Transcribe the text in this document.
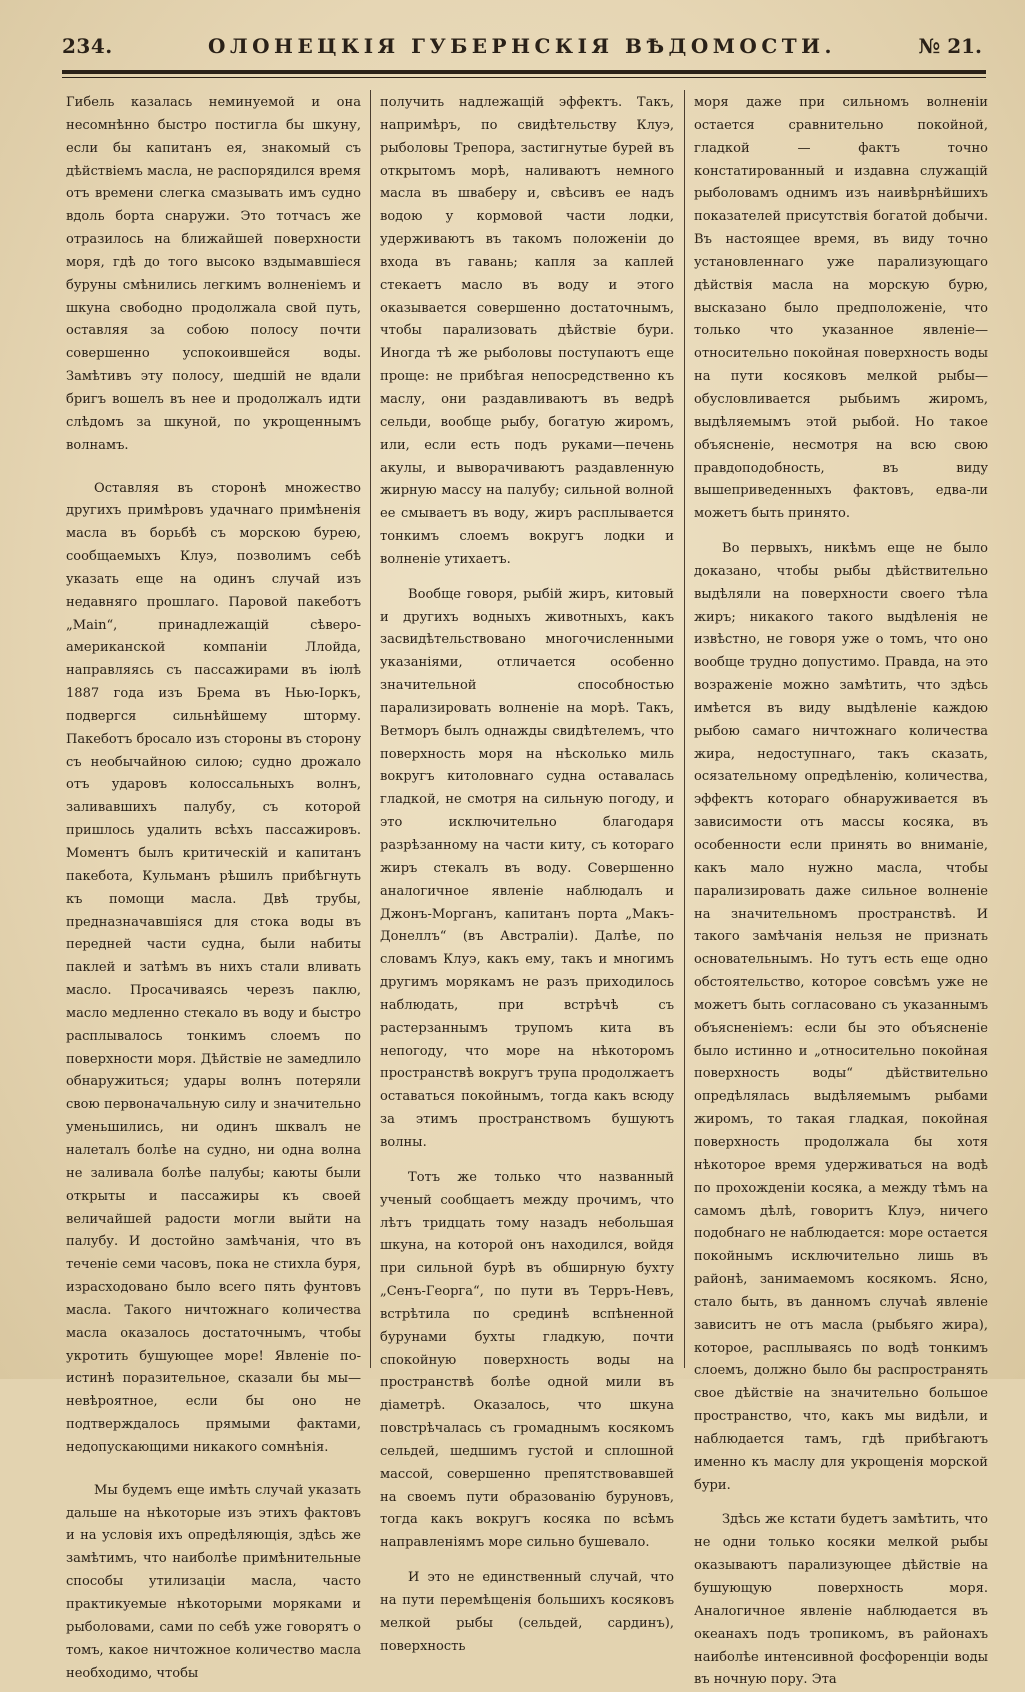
234.	ОЛОНЕЦКІЯ ГУБЕРНСКІЯ ВѢДОМОСТИ.	№ 21.

Гибель казалась неминуемой и она несомнѣнно быстро постигла бы шкуну, если бы капитанъ ея, знакомый съ дѣйствіемъ масла, не распорядился время отъ времени слегка смазывать имъ судно вдоль борта снаружи. Это тотчасъ же отразилось на ближайшей поверхности моря, гдѣ до того высоко вздымавшіеся буруны смѣнились легкимъ волненіемъ и шкуна свободно продолжала свой путь, оставляя за собою полосу почти совершенно успокоившейся воды. Замѣтивъ эту полосу, шедшій не вдали бригъ вошелъ въ нее и продолжалъ идти слѣдомъ за шкуной, по укрощеннымъ волнамъ.

Оставляя въ сторонѣ множество другихъ примѣровъ удачнаго примѣненія масла въ борьбѣ съ морскою бурею, сообщаемыхъ Клуэ, позволимъ себѣ указать еще на одинъ случай изъ недавняго прошлаго. Паровой пакеботъ „Main“, принадлежащій сѣверо-американской компаніи Ллойда, направляясь съ пассажирами въ іюлѣ 1887 года изъ Брема въ Нью-Іоркъ, подвергся сильнѣйшему шторму. Пакеботъ бросало изъ стороны въ сторону съ необычайною силою; судно дрожало отъ ударовъ колоссальныхъ волнъ, заливавшихъ палубу, съ которой пришлось удалить всѣхъ пассажировъ. Моментъ былъ критическій и капитанъ пакебота, Кульманъ рѣшилъ прибѣгнуть къ помощи масла. Двѣ трубы, предназначавшіяся для стока воды въ передней части судна, были набиты паклей и затѣмъ въ нихъ стали вливать масло. Просачиваясь черезъ паклю, масло медленно стекало въ воду и быстро расплывалось тонкимъ слоемъ по поверхности моря. Дѣйствіе не замедлило обнаружиться; удары волнъ потеряли свою первоначальную силу и значительно уменьшились, ни одинъ шквалъ не налеталъ болѣе на судно, ни одна волна не заливала болѣе палубы; каюты были открыты и пассажиры къ своей величайшей радости могли выйти на палубу. И достойно замѣчанія, что въ теченіе семи часовъ, пока не стихла буря, израсходовано было всего пять фунтовъ масла. Такого ничтожнаго количества масла оказалось достаточнымъ, чтобы укротить бушующее море! Явленіе по-истинѣ поразительное, сказали бы мы—невѣроятное, если бы оно не подтверждалось прямыми фактами, недопускающими никакого сомнѣнія.

Мы будемъ еще имѣть случай указать дальше на нѣкоторые изъ этихъ фактовъ и на условія ихъ опредѣляющія, здѣсь же замѣтимъ, что наиболѣе примѣнительные способы утилизаціи масла, часто практикуемые нѣкоторыми моряками и рыболовами, сами по себѣ уже говорятъ о томъ, какое ничтожное количество масла необходимо, чтобы

получить надлежащій эффектъ. Такъ, напримѣръ, по свидѣтельству Клуэ, рыболовы Трепора, застигнутые бурей въ открытомъ морѣ, наливаютъ немного масла въ шваберу и, свѣсивъ ее надъ водою у кормовой части лодки, удерживаютъ въ такомъ положеніи до входа въ гавань; капля за каплей стекаетъ масло въ воду и этого оказывается совершенно достаточнымъ, чтобы парализовать дѣйствіе бури. Иногда тѣ же рыболовы поступаютъ еще проще: не прибѣгая непосредственно къ маслу, они раздавливаютъ въ ведрѣ сельди, вообще рыбу, богатую жиромъ, или, если есть подъ руками—печень акулы, и выворачиваютъ раздавленную жирную массу на палубу; сильной волной ее смываетъ въ воду, жиръ расплывается тонкимъ слоемъ вокругъ лодки и волненіе утихаетъ.

Вообще говоря, рыбій жиръ, китовый и другихъ водныхъ животныхъ, какъ засвидѣтельствовано многочисленными указаніями, отличается особенно значительной способностью парализировать волненіе на морѣ. Такъ, Ветморъ былъ однажды свидѣтелемъ, что поверхность моря на нѣсколько миль вокругъ китоловнаго судна оставалась гладкой, не смотря на сильную погоду, и это исключительно благодаря разрѣзанному на части киту, съ котораго жиръ стекалъ въ воду. Совершенно аналогичное явленіе наблюдалъ и Джонъ-Морганъ, капитанъ порта „Макъ-Донеллъ“ (въ Австраліи). Далѣе, по словамъ Клуэ, какъ ему, такъ и многимъ другимъ морякамъ не разъ приходилось наблюдать, при встрѣчѣ съ растерзаннымъ трупомъ кита въ непогоду, что море на нѣкоторомъ пространствѣ вокругъ трупа продолжаетъ оставаться покойнымъ, тогда какъ всюду за этимъ пространствомъ бушуютъ волны.

Тотъ же только что названный ученый сообщаетъ между прочимъ, что лѣтъ тридцать тому назадъ небольшая шкуна, на которой онъ находился, войдя при сильной бурѣ въ обширную бухту „Сенъ-Георга“, по пути въ Терръ-Невъ, встрѣтила по срединѣ вспѣненной бурунами бухты гладкую, почти спокойную поверхность воды на пространствѣ болѣе одной мили въ діаметрѣ. Оказалось, что шкуна повстрѣчалась съ громаднымъ косякомъ сельдей, шедшимъ густой и сплошной массой, совершенно препятствовавшей на своемъ пути образованію буруновъ, тогда какъ вокругъ косяка по всѣмъ направленіямъ море сильно бушевало.

И это не единственный случай, что на пути перемѣщенія большихъ косяковъ мелкой рыбы (сельдей, сардинъ), поверхность

моря даже при сильномъ волненіи остается сравнительно покойной, гладкой — фактъ точно констатированный и издавна служащій рыболовамъ однимъ изъ наивѣрнѣйшихъ показателей присутствія богатой добычи. Въ настоящее время, въ виду точно установленнаго уже парализующаго дѣйствія масла на морскую бурю, высказано было предположеніе, что только что указанное явленіе—относительно покойная поверхность воды на пути косяковъ мелкой рыбы—обусловливается рыбьимъ жиромъ, выдѣляемымъ этой рыбой. Но такое объясненіе, несмотря на всю свою правдоподобность, въ виду вышеприведенныхъ фактовъ, едва-ли можетъ быть принято.

Во первыхъ, никѣмъ еще не было доказано, чтобы рыбы дѣйствительно выдѣляли на поверхности своего тѣла жиръ; никакого такого выдѣленія не извѣстно, не говоря уже о томъ, что оно вообще трудно допустимо. Правда, на это возраженіе можно замѣтить, что здѣсь имѣется въ виду выдѣленіе каждою рыбою самаго ничтожнаго количества жира, недоступнаго, такъ сказать, осязательному опредѣленію, количества, эффектъ котораго обнаруживается въ зависимости отъ массы косяка, въ особенности если принять во вниманіе, какъ мало нужно масла, чтобы парализировать даже сильное волненіе на значительномъ пространствѣ. И такого замѣчанія нельзя не признать основательнымъ. Но тутъ есть еще одно обстоятельство, которое совсѣмъ уже не можетъ быть согласовано съ указаннымъ объясненіемъ: если бы это объясненіе было истинно и „относительно покойная поверхность воды“ дѣйствительно опредѣлялась выдѣляемымъ рыбами жиромъ, то такая гладкая, покойная поверхность продолжала бы хотя нѣкоторое время удерживаться на водѣ по прохожденіи косяка, а между тѣмъ на самомъ дѣлѣ, говоритъ Клуэ, ничего подобнаго не наблюдается: море остается покойнымъ исключительно лишь въ районѣ, занимаемомъ косякомъ. Ясно, стало быть, въ данномъ случаѣ явленіе зависитъ не отъ масла (рыбьяго жира), которое, расплываясь по водѣ тонкимъ слоемъ, должно было бы распространять свое дѣйствіе на значительно большое пространство, что, какъ мы видѣли, и наблюдается тамъ, гдѣ прибѣгаютъ именно къ маслу для укрощенія морской бури.

Здѣсь же кстати будетъ замѣтить, что не одни только косяки мелкой рыбы оказываютъ парализующее дѣйствіе на бушующую поверхность моря. Аналогичное явленіе наблюдается въ океанахъ подъ тропикомъ, въ районахъ наиболѣе интенсивной фосфоренціи воды въ ночную пору. Эта
